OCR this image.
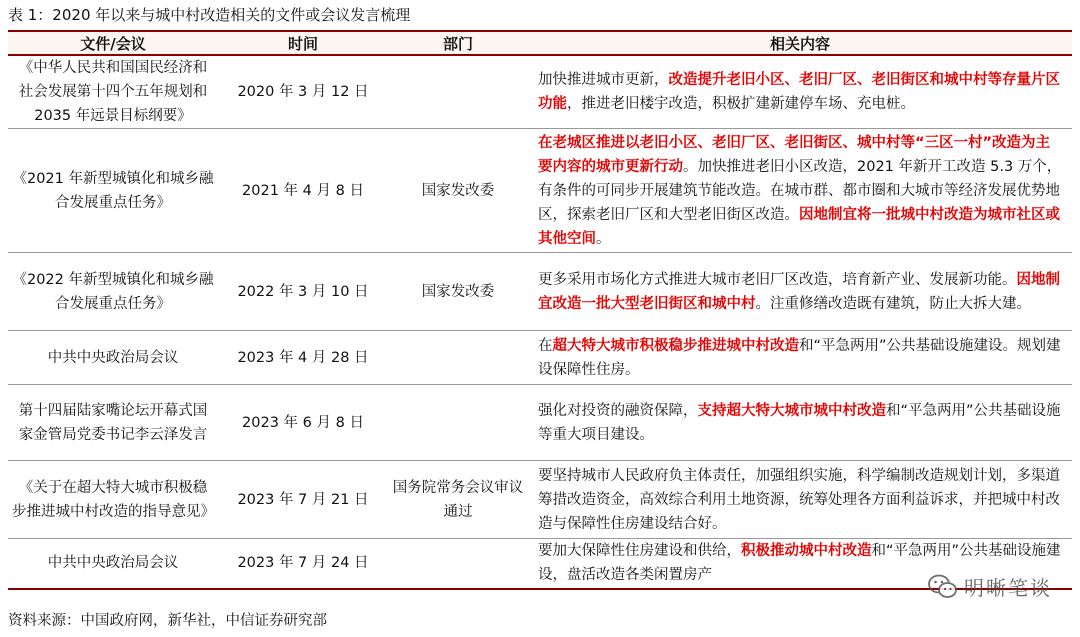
表 1：2020 年以来与城中村改造相关的文件或会议发言梳理
文件/会议	时间	部门	相关内容
《中华人民共和国国民经济和社会发展第十四个五年规划和 2035 年远景目标纲要》	2020 年 3 月 12 日		加快推进城市更新，改造提升老旧小区、老旧厂区、老旧街区和城中村等存量片区功能，推进老旧楼宇改造，积极扩建新建停车场、充电桩。
《2021 年新型城镇化和城乡融合发展重点任务》	2021 年 4 月 8 日	国家发改委	在老城区推进以老旧小区、老旧厂区、老旧街区、城中村等“三区一村”改造为主要内容的城市更新行动。加快推进老旧小区改造，2021 年新开工改造 5.3 万个，有条件的可同步开展建筑节能改造。在城市群、都市圈和大城市等经济发展优势地区，探索老旧厂区和大型老旧街区改造。因地制宜将一批城中村改造为城市社区或其他空间。
《2022 年新型城镇化和城乡融合发展重点任务》	2022 年 3 月 10 日	国家发改委	更多采用市场化方式推进大城市老旧厂区改造，培育新产业、发展新功能。因地制宜改造一批大型老旧街区和城中村。注重修缮改造既有建筑，防止大拆大建。
中共中央政治局会议	2023 年 4 月 28 日		在超大特大城市积极稳步推进城中村改造和“平急两用”公共基础设施建设。规划建设保障性住房。
第十四届陆家嘴论坛开幕式国家金管局党委书记李云泽发言	2023 年 6 月 8 日		强化对投资的融资保障，支持超大特大城市城中村改造和“平急两用”公共基础设施等重大项目建设。
《关于在超大特大城市积极稳步推进城中村改造的指导意见》	2023 年 7 月 21 日	国务院常务会议审议通过	要坚持城市人民政府负主体责任，加强组织实施，科学编制改造规划计划，多渠道筹措改造资金，高效综合利用土地资源，统筹处理各方面利益诉求，并把城中村改造与保障性住房建设结合好。
中共中央政治局会议	2023 年 7 月 24 日		要加大保障性住房建设和供给，积极推动城中村改造和“平急两用”公共基础设施建设，盘活改造各类闲置房产
资料来源：中国政府网，新华社，中信证券研究部
明晰笔谈
